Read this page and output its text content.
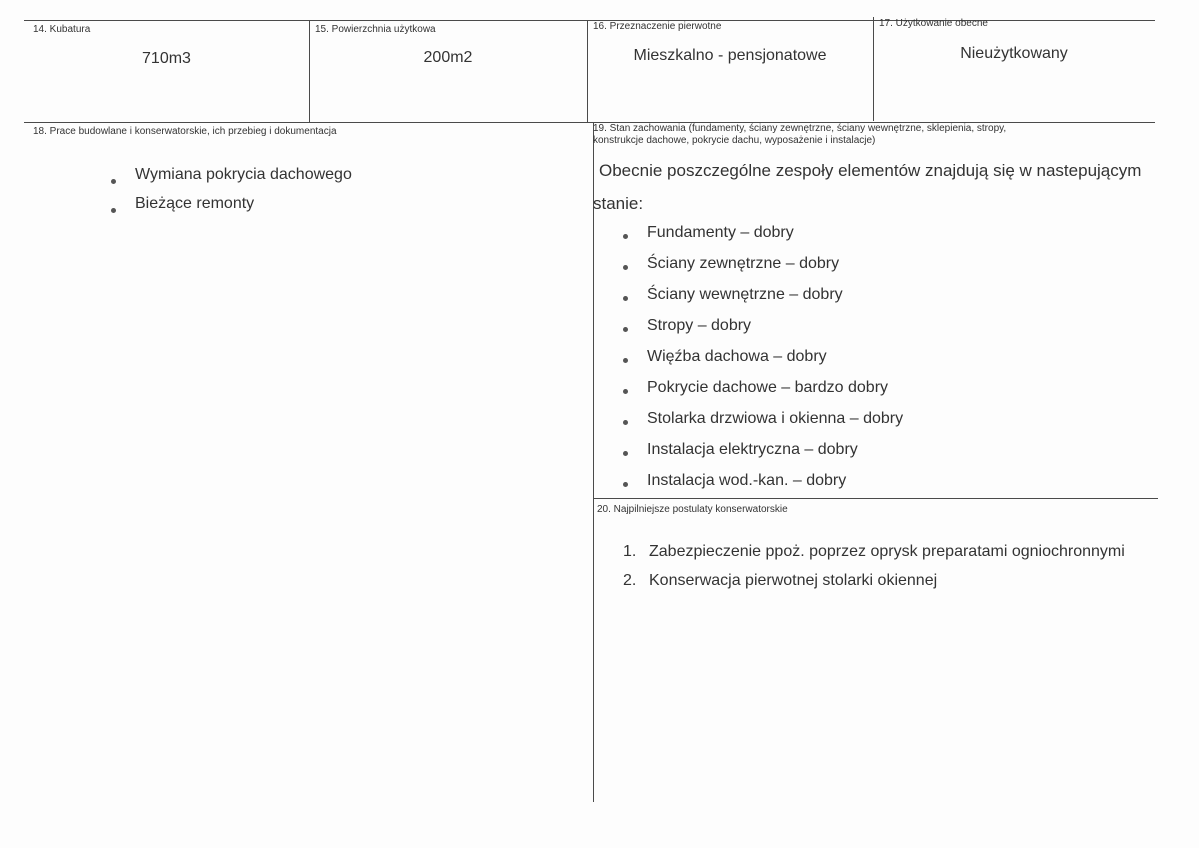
14. Kubatura
710m3
15. Powierzchnia użytkowa
200m2
16. Przeznaczenie pierwotne
Mieszkalno - pensjonatowe
17. Użytkowanie obecne
Nieużytkowany
18. Prace budowlane i konserwatorskie, ich przebieg i dokumentacja
Wymiana pokrycia dachowego
Bieżące remonty
19. Stan zachowania (fundamenty, ściany zewnętrzne, ściany wewnętrzne, sklepienia, stropy,
konstrukcje dachowe, pokrycie dachu, wyposażenie i instalacje)
Obecnie poszczególne zespoły elementów znajdują się w nastepującym
stanie:
Fundamenty – dobry
Ściany zewnętrzne – dobry
Ściany wewnętrzne – dobry
Stropy – dobry
Więźba dachowa – dobry
Pokrycie dachowe – bardzo dobry
Stolarka drzwiowa i okienna – dobry
Instalacja elektryczna – dobry
Instalacja wod.-kan. – dobry
20. Najpilniejsze postulaty konserwatorskie
1. Zabezpieczenie ppoż. poprzez oprysk preparatami ogniochronnymi
2. Konserwacja pierwotnej stolarki okiennej
